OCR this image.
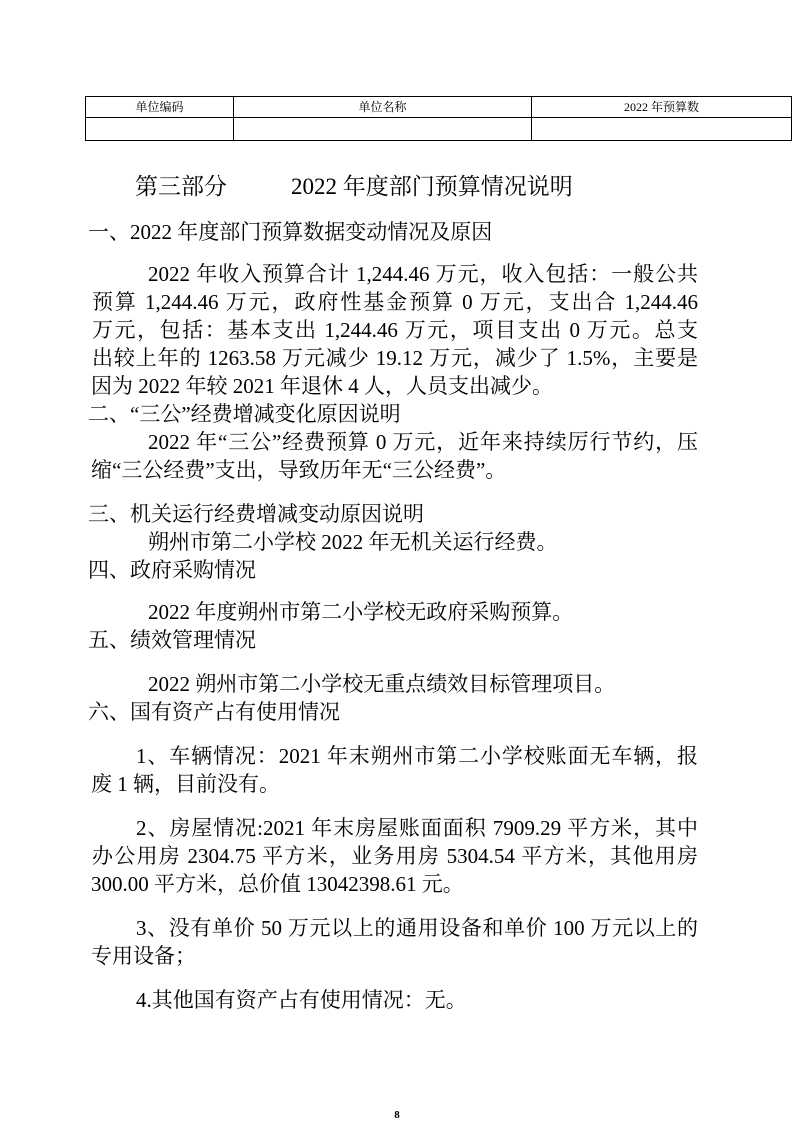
单位编码	单位名称	2022 年预算数

第三部分	2022 年度部门预算情况说明
一、2022 年度部门预算数据变动情况及原因
2022 年收入预算合计 1,244.46 万元，收入包括：一般公共
预算 1,244.46 万元，政府性基金预算 0 万元，支出合 1,244.46
万元，包括：基本支出 1,244.46 万元，项目支出 0 万元。总支
出较上年的 1263.58 万元减少 19.12 万元，减少了 1.5%，主要是
因为 2022 年较 2021 年退休 4 人，人员支出减少。
二、“三公”经费增减变化原因说明
2022 年“三公”经费预算 0 万元，近年来持续厉行节约，压
缩“三公经费”支出，导致历年无“三公经费”。
三、机关运行经费增减变动原因说明
朔州市第二小学校 2022 年无机关运行经费。
四、政府采购情况
2022 年度朔州市第二小学校无政府采购预算。
五、绩效管理情况
2022 朔州市第二小学校无重点绩效目标管理项目。
六、国有资产占有使用情况
1、车辆情况：2021 年末朔州市第二小学校账面无车辆，报
废 1 辆，目前没有。
2、房屋情况:2021 年末房屋账面面积 7909.29 平方米，其中
办公用房 2304.75 平方米，业务用房 5304.54 平方米，其他用房
300.00 平方米，总价值 13042398.61 元。
3、没有单价 50 万元以上的通用设备和单价 100 万元以上的
专用设备；
4.其他国有资产占有使用情况：无。
8
